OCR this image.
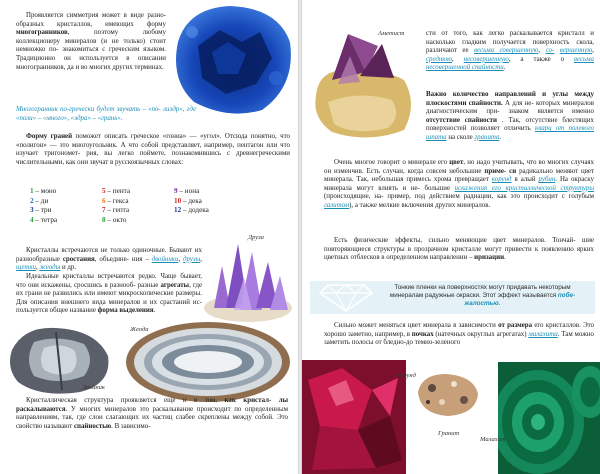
Проявляется симметрия может в виде разно- образных кристаллов, имеющих форму многогранников, поэтому любому коллекционеру минералов (и не только) стоит немножко по- знакомиться с греческим языком. Традиционно он используется в описании многогранников, да и во многих других терминах.
Многогранник по-гречески будет звучать – «по- лиэдр», где «поли» – «много», «эдра» – «грань».
Форму граней поможет описать греческое «гониа» — «угол». Отсюда понятно, что «полигон» — это многоугольник. А что собой представляет, например, пентагон или что изучает тригономет- рия, вы легко поймете, познакомившись с древнегреческими числительными, как они звучат в русскоязычных словах:
1 – моно	5 – пента	9 – нона
2 – ди	6 – гекса	10 – дека
3 – три	7 – гепта	12 – додека
4 – тетра	8 – окто
Друза
Кристаллы встречаются не только одиночные. Бывают их разнообразные сростания, объедине- ния – двойники, друзы, щетки, жеоды и др.
Идеальные кристаллы встречаются редко. Чаще бывает, что они искажены, сросшись в разнооб- разные агрегаты, где их грани не развились или имеют микроскопические размеры. Для описания внешнего вида минералов и их срастаний ис- пользуется общее название форма выделения.
Двойник
Жеода
Кристаллическая структура проявляется еще и в том, как кристал- лы раскалываются. У многих минералов это раскалывание происходит по определенным направлениям, так, где слои слагающих их частиц слабее скреплены между собой. Это свойство называют спайностью. В зависимо-
Аметист	сти от того, как легко раскалывается кристалл и насколько гладким получается поверхность скола, различают ее весьма совершенную, со- вершенную, среднюю, несовершенную, а также о весьма несовершенной спайности.
Важно количество направлений и углы между плоскостями спайности. А для не- которых минералов диагностическим при- знаком является именно отсутствие спайности . Так, отсутствие блестящих поверхностей позволяет отличить кварц от полевого шпата на сколе гранита.
Очень многое говорит о минерале его цвет, но надо учитывать, что во многих случаях он изменчив. Есть случаи, когда совсем небольшие приме- си радикально меняют цвет минерала. Так, небольшая примесь хрома превращает корунд в алый рубин. На окраску минерала могут влиять и не- большие искажения его кристаллической структуры (происходящие, на- пример, под действием радиации, как это происходит с голубым галитом), а также мелкие включения других минералов.
Есть физические эффекты, сильно меняющие цвет минералов. Тончай- шие повторяющиеся структуры в прозрачном кристалле могут привести к появлению ярких цветных отблесков в определенном направлении – иризации.

Тонкие пленки на поверхностях могут придавать некоторым минералам радужные окраски. Этот эффект называется побе- жалостью.

Сильно может меняться цвет минерала в зависимости от размера его кристаллов. Это хорошо заметно, например, в почках (натечных округлых агрегатах) малахита. Там можно заметить полосы от бледно-до темно-зеленого
Корунд
Гранит
Малахит
